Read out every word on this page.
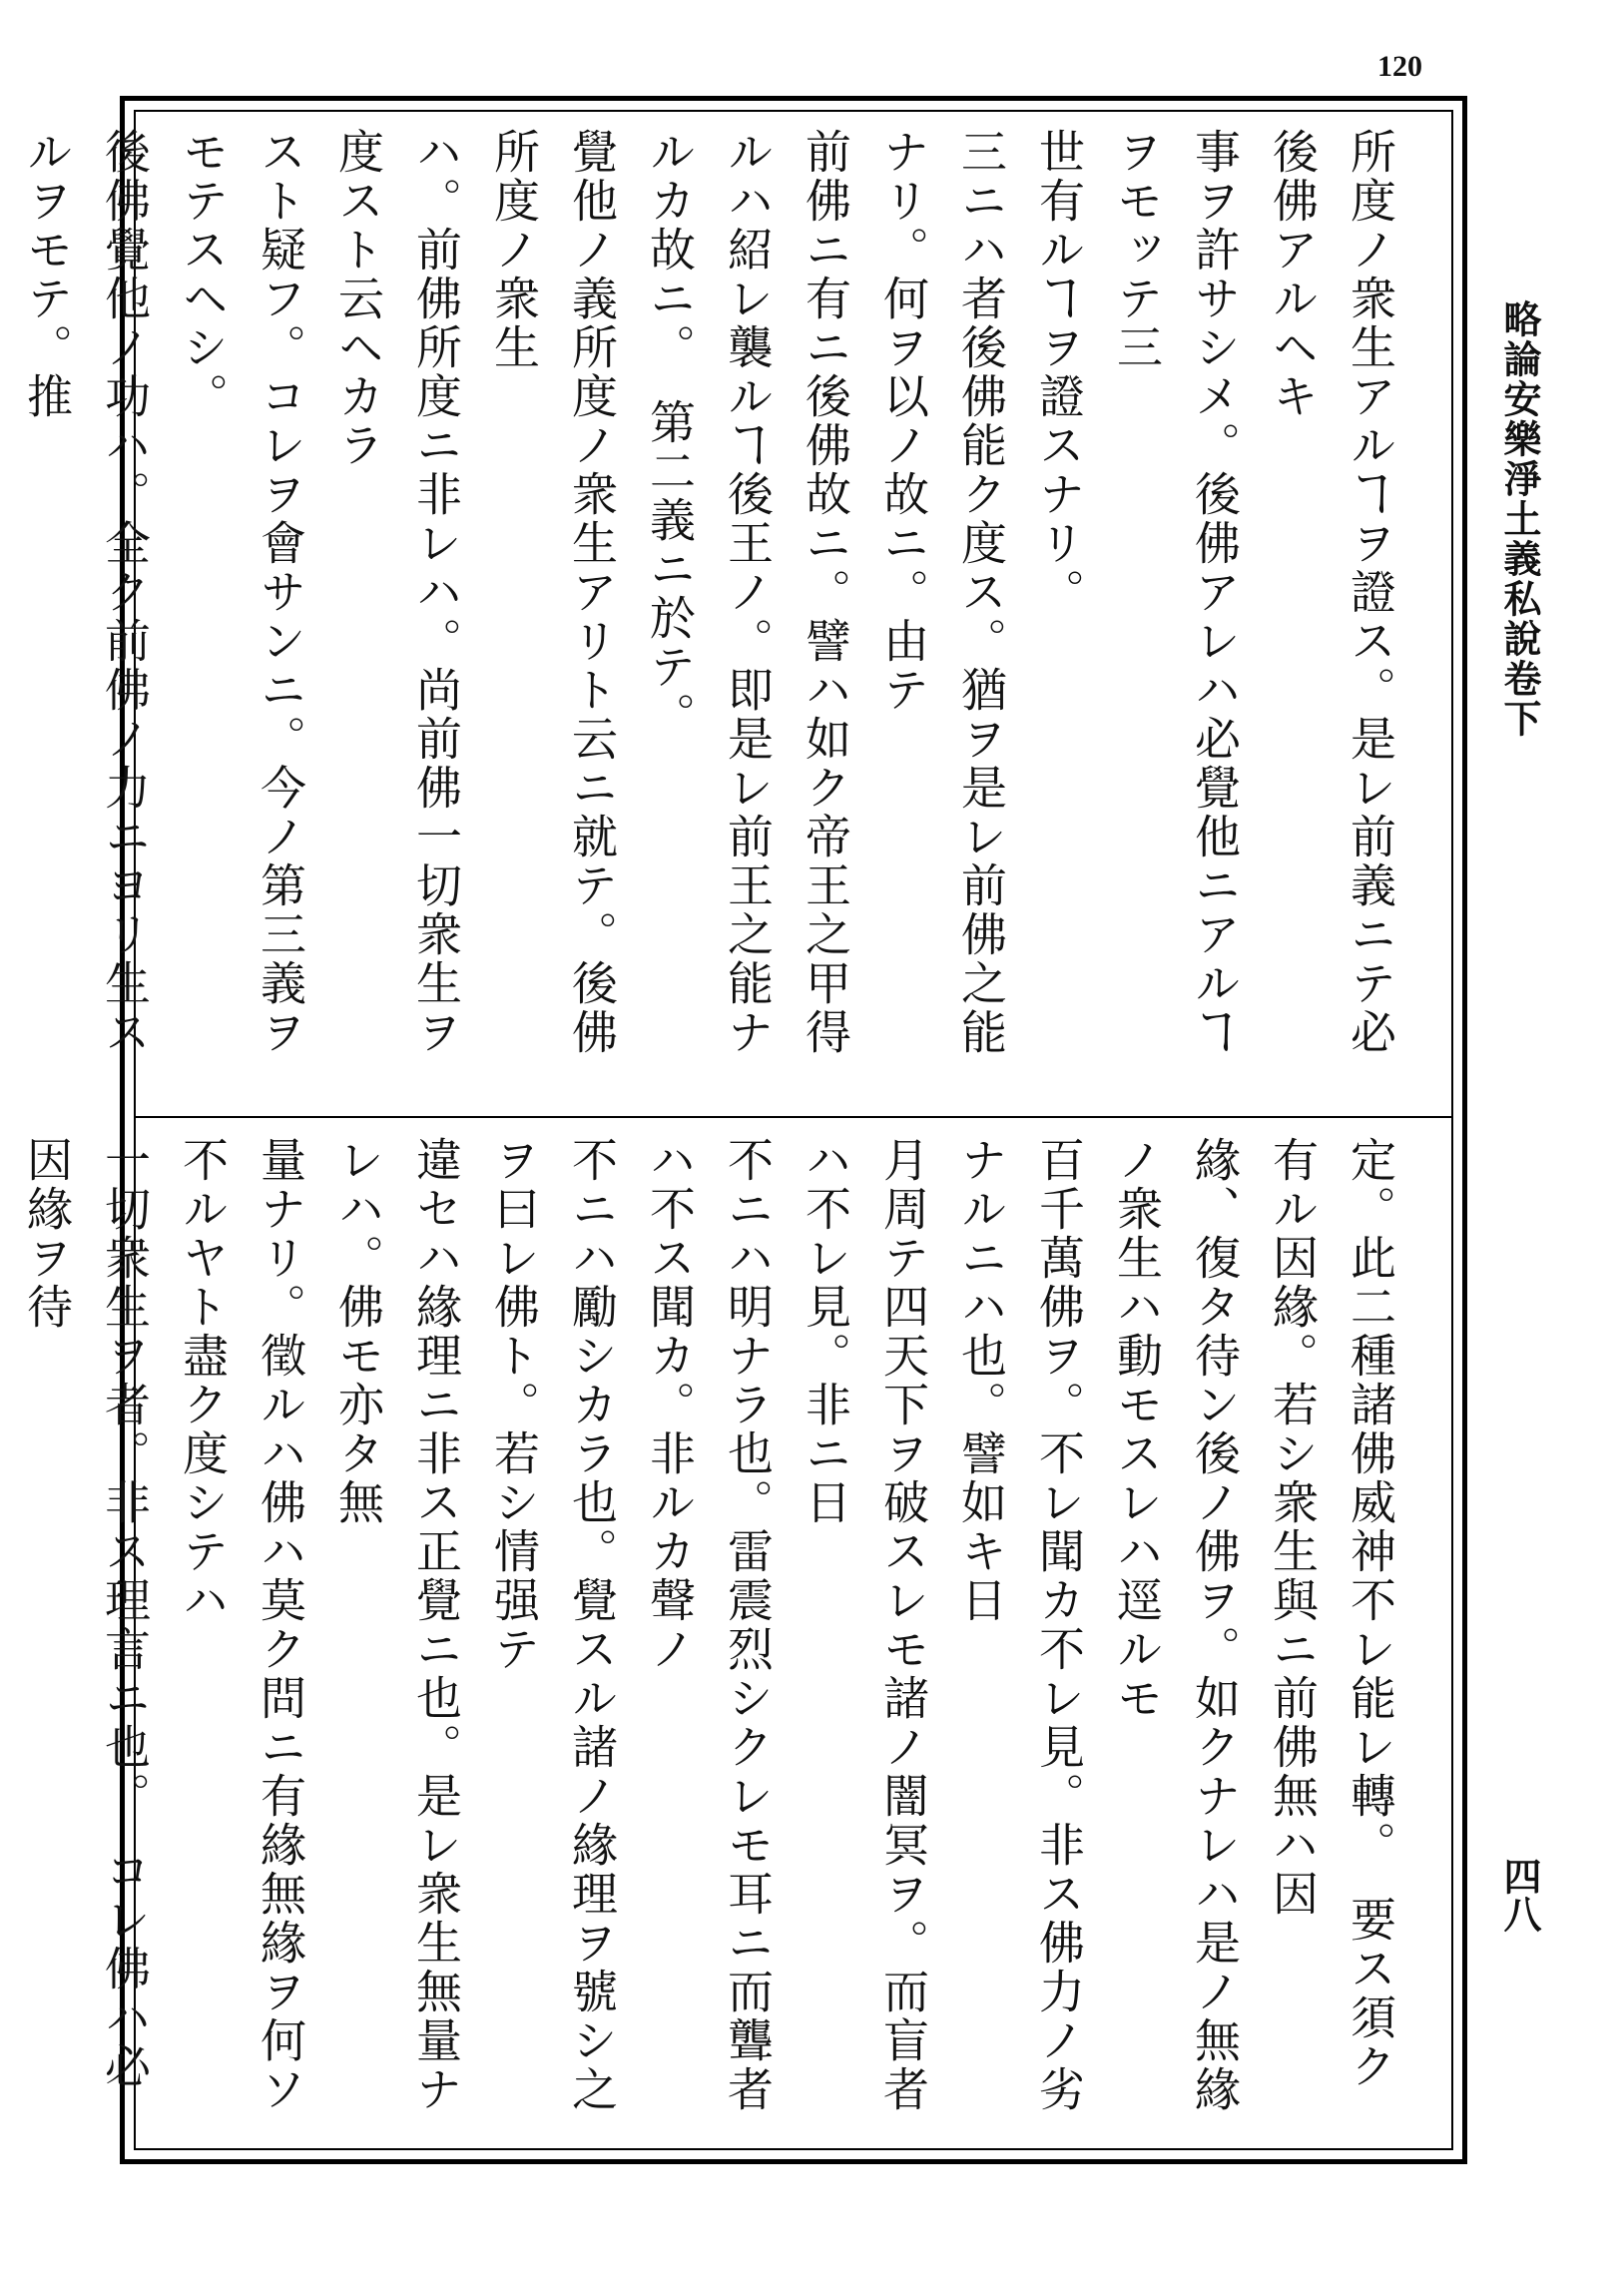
120
略論安樂淨土義私說卷下
四八

所度ノ衆生アルヿヲ證ス。是レ前義ニテ必後佛アルヘキ

事ヲ許サシメ。後佛アレハ必覺他ニアルヿヲモッテ三

世有ルヿヲ證スナリ。

三ニハ者後佛能ク度ス。猶ヲ是レ前佛之能ナリ。何ヲ以ノ故ニ。由テ

前佛ニ有ニ後佛故ニ。譬ハ如ク帝王之甲得ルハ紹レ襲ルヿ後王ノ。即是レ前王之能ナルカ故ニ。　第二義ニ於テ。

覺他ノ義所度ノ衆生アリト云ニ就テ。後佛所度ノ衆生

ハ。前佛所度ニ非レハ。尚前佛一切衆生ヲ度スト云ヘカラ

スト疑フ。コレヲ會サンニ。今ノ第三義ヲモテスヘシ。

後佛覺他ノ功ハ。全ク前佛ノ力ニヨリ生スルヲモテ。推

定。此二種諸佛威神不レ能レ轉。　要ス須ク有ル因緣。若シ衆生與ニ前佛無ハ因

緣、復タ待ン後ノ佛ヲ。如クナレハ是ノ無緣ノ衆生ハ動モスレハ逕ルモ

百千萬佛ヲ。不レ聞カ不レ見。非ス佛力ノ劣ナルニハ也。譬如キ日

月周テ四天下ヲ破スレモ諸ノ闇冥ヲ。而盲者ハ不レ見。非ニ日

不ニハ明ナラ也。雷震烈シクレモ耳ニ而聾者ハ不ス聞カ。非ルカ聲ノ

不ニハ勵シカラ也。覺スル諸ノ緣理ヲ號シ之ヲ曰レ佛ト。若シ情强テ

違セハ緣理ニ非ス正覺ニ也。是レ衆生無量ナレハ。佛モ亦タ無

量ナリ。徵ルハ佛ハ莫ク問ニ有緣無緣ヲ何ソ不ルヤト盡ク度シテハ

一切衆生ヲ者。非ス理言ニ也。　コレ佛ハ必因緣ヲ待
